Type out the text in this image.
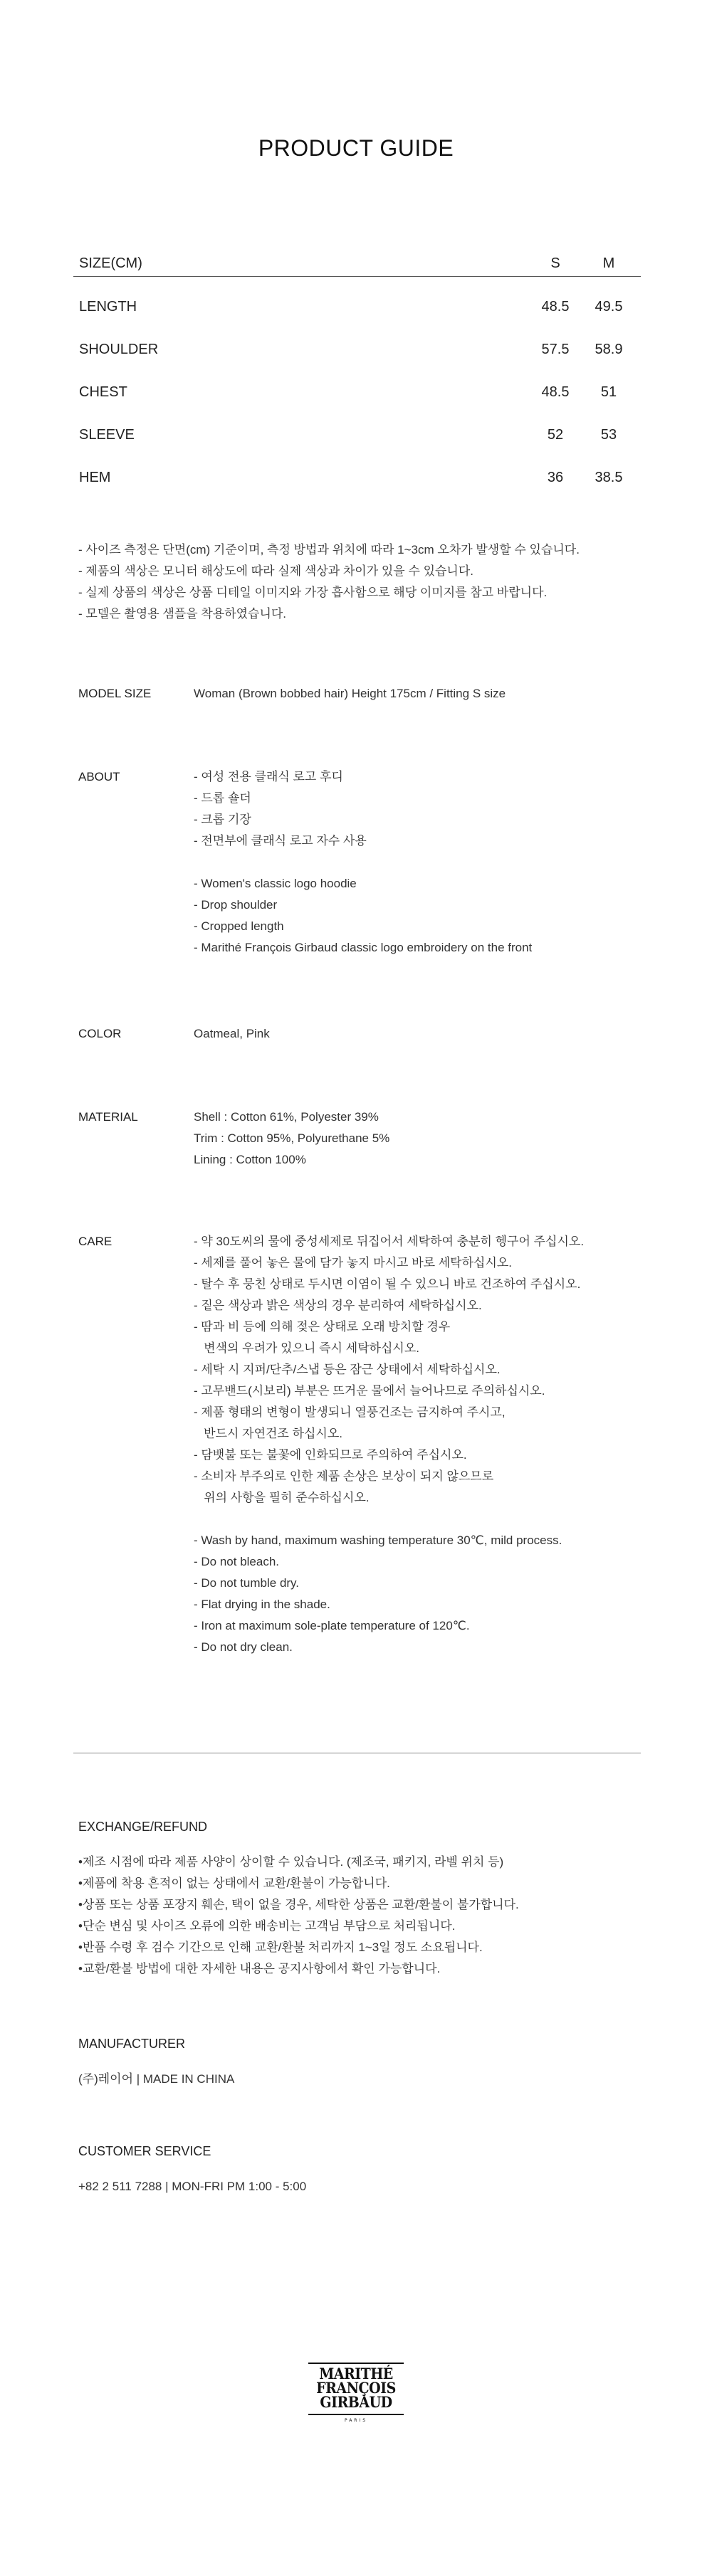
PRODUCT GUIDE
SIZE(CM)	S	M
LENGTH	48.5	49.5
SHOULDER	57.5	58.9
CHEST	48.5	51
SLEEVE	52	53
HEM	36	38.5
- 사이즈 측정은 단면(cm) 기준이며, 측정 방법과 위치에 따라 1~3cm 오차가 발생할 수 있습니다.
- 제품의 색상은 모니터 해상도에 따라 실제 색상과 차이가 있을 수 있습니다.
- 실제 상품의 색상은 상품 디테일 이미지와 가장 흡사함으로 해당 이미지를 참고 바랍니다.
- 모델은 촬영용 샘플을 착용하였습니다.
MODEL SIZE	Woman (Brown bobbed hair) Height 175cm / Fitting S size
ABOUT	- 여성 전용 클래식 로고 후디
- 드롭 숄더
- 크롭 기장
- 전면부에 클래식 로고 자수 사용
- Women's classic logo hoodie
- Drop shoulder
- Cropped length
- Marithé François Girbaud classic logo embroidery on the front
COLOR	Oatmeal, Pink
MATERIAL	Shell : Cotton 61%, Polyester 39%
Trim : Cotton 95%, Polyurethane 5%
Lining : Cotton 100%
CARE	- 약 30도씨의 물에 중성세제로 뒤집어서 세탁하여 충분히 헹구어 주십시오.
- 세제를 풀어 놓은 물에 담가 놓지 마시고 바로 세탁하십시오.
- 탈수 후 뭉친 상태로 두시면 이염이 될 수 있으니 바로 건조하여 주십시오.
- 짙은 색상과 밝은 색상의 경우 분리하여 세탁하십시오.
- 땀과 비 등에 의해 젖은 상태로 오래 방치할 경우
변색의 우려가 있으니 즉시 세탁하십시오.
- 세탁 시 지퍼/단추/스냅 등은 잠근 상태에서 세탁하십시오.
- 고무밴드(시보리) 부분은 뜨거운 물에서 늘어나므로 주의하십시오.
- 제품 형태의 변형이 발생되니 열풍건조는 금지하여 주시고,
반드시 자연건조 하십시오.
- 담뱃불 또는 불꽃에 인화되므로 주의하여 주십시오.
- 소비자 부주의로 인한 제품 손상은 보상이 되지 않으므로
위의 사항을 필히 준수하십시오.
- Wash by hand, maximum washing temperature 30℃, mild process.
- Do not bleach.
- Do not tumble dry.
- Flat drying in the shade.
- Iron at maximum sole-plate temperature of 120℃.
- Do not dry clean.
EXCHANGE/REFUND
•제조 시점에 따라 제품 사양이 상이할 수 있습니다. (제조국, 패키지, 라벨 위치 등)
•제품에 착용 흔적이 없는 상태에서 교환/환불이 가능합니다.
•상품 또는 상품 포장지 훼손, 택이 없을 경우, 세탁한 상품은 교환/환불이 불가합니다.
•단순 변심 및 사이즈 오류에 의한 배송비는 고객님 부담으로 처리됩니다.
•반품 수령 후 검수 기간으로 인해 교환/환불 처리까지 1~3일 정도 소요됩니다.
•교환/환불 방법에 대한 자세한 내용은 공지사항에서 확인 가능합니다.
MANUFACTURER
(주)레이어 | MADE IN CHINA
CUSTOMER SERVICE
+82 2 511 7288 | MON-FRI PM 1:00 - 5:00
MARITHÉ
FRANÇOIS
GIRBAUD
PARIS
